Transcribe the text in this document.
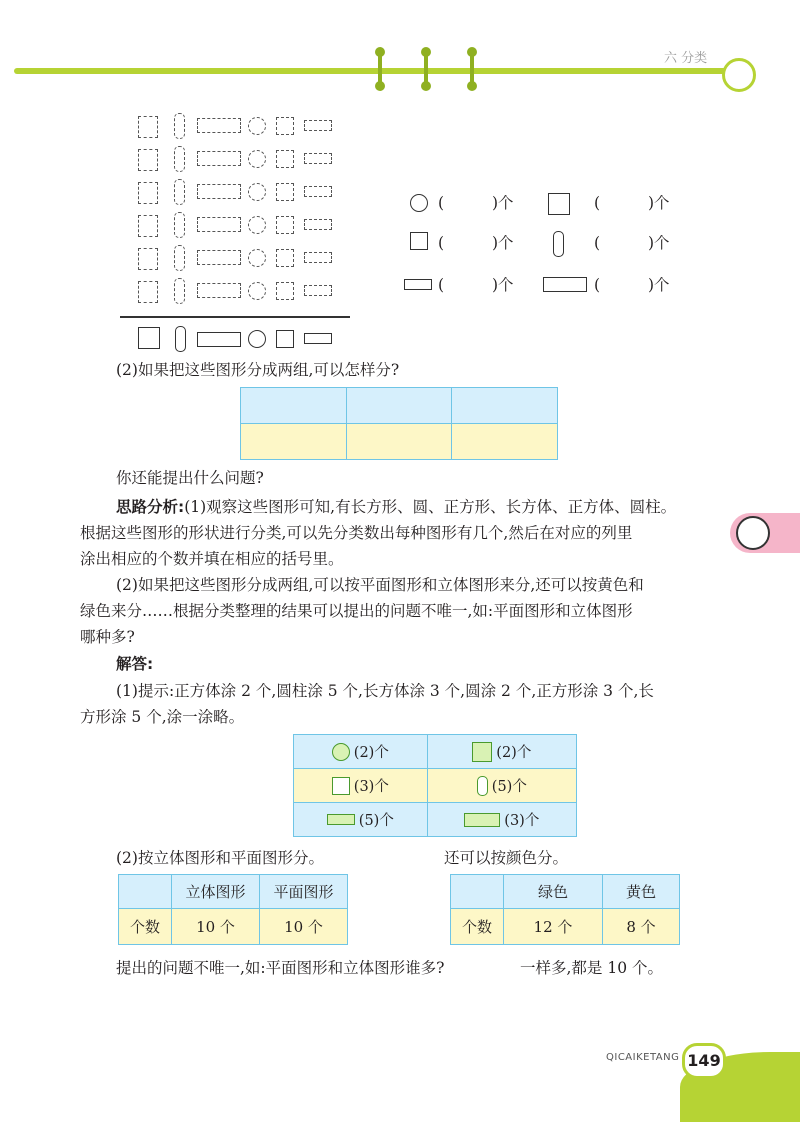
六 分类
(	)个	(	)个
(	)个	(	)个
(	)个	(	)个
(2)如果把这些图形分成两组,可以怎样分?

你还能提出什么问题?
思路分析:(1)观察这些图形可知,有长方形、圆、正方形、长方体、正方体、圆柱。
根据这些图形的形状进行分类,可以先分类数出每种图形有几个,然后在对应的列里
涂出相应的个数并填在相应的括号里。
(2)如果把这些图形分成两组,可以按平面图形和立体图形来分,还可以按黄色和
绿色来分……根据分类整理的结果可以提出的问题不唯一,如:平面图形和立体图形
哪种多?
解答:
(1)提示:正方体涂 2 个,圆柱涂 5 个,长方体涂 3 个,圆涂 2 个,正方形涂 3 个,长
方形涂 5 个,涂一涂略。
(2)个	(2)个

(3)个	(5)个

(5)个	(3)个
(2)按立体图形和平面图形分。	还可以按颜色分。
	立体图形	平面图形
个数	10 个	10 个
	绿色	黄色
个数	12 个	8 个
提出的问题不唯一,如:平面图形和立体图形谁多?	一样多,都是 10 个。
QICAIKETANG 149
